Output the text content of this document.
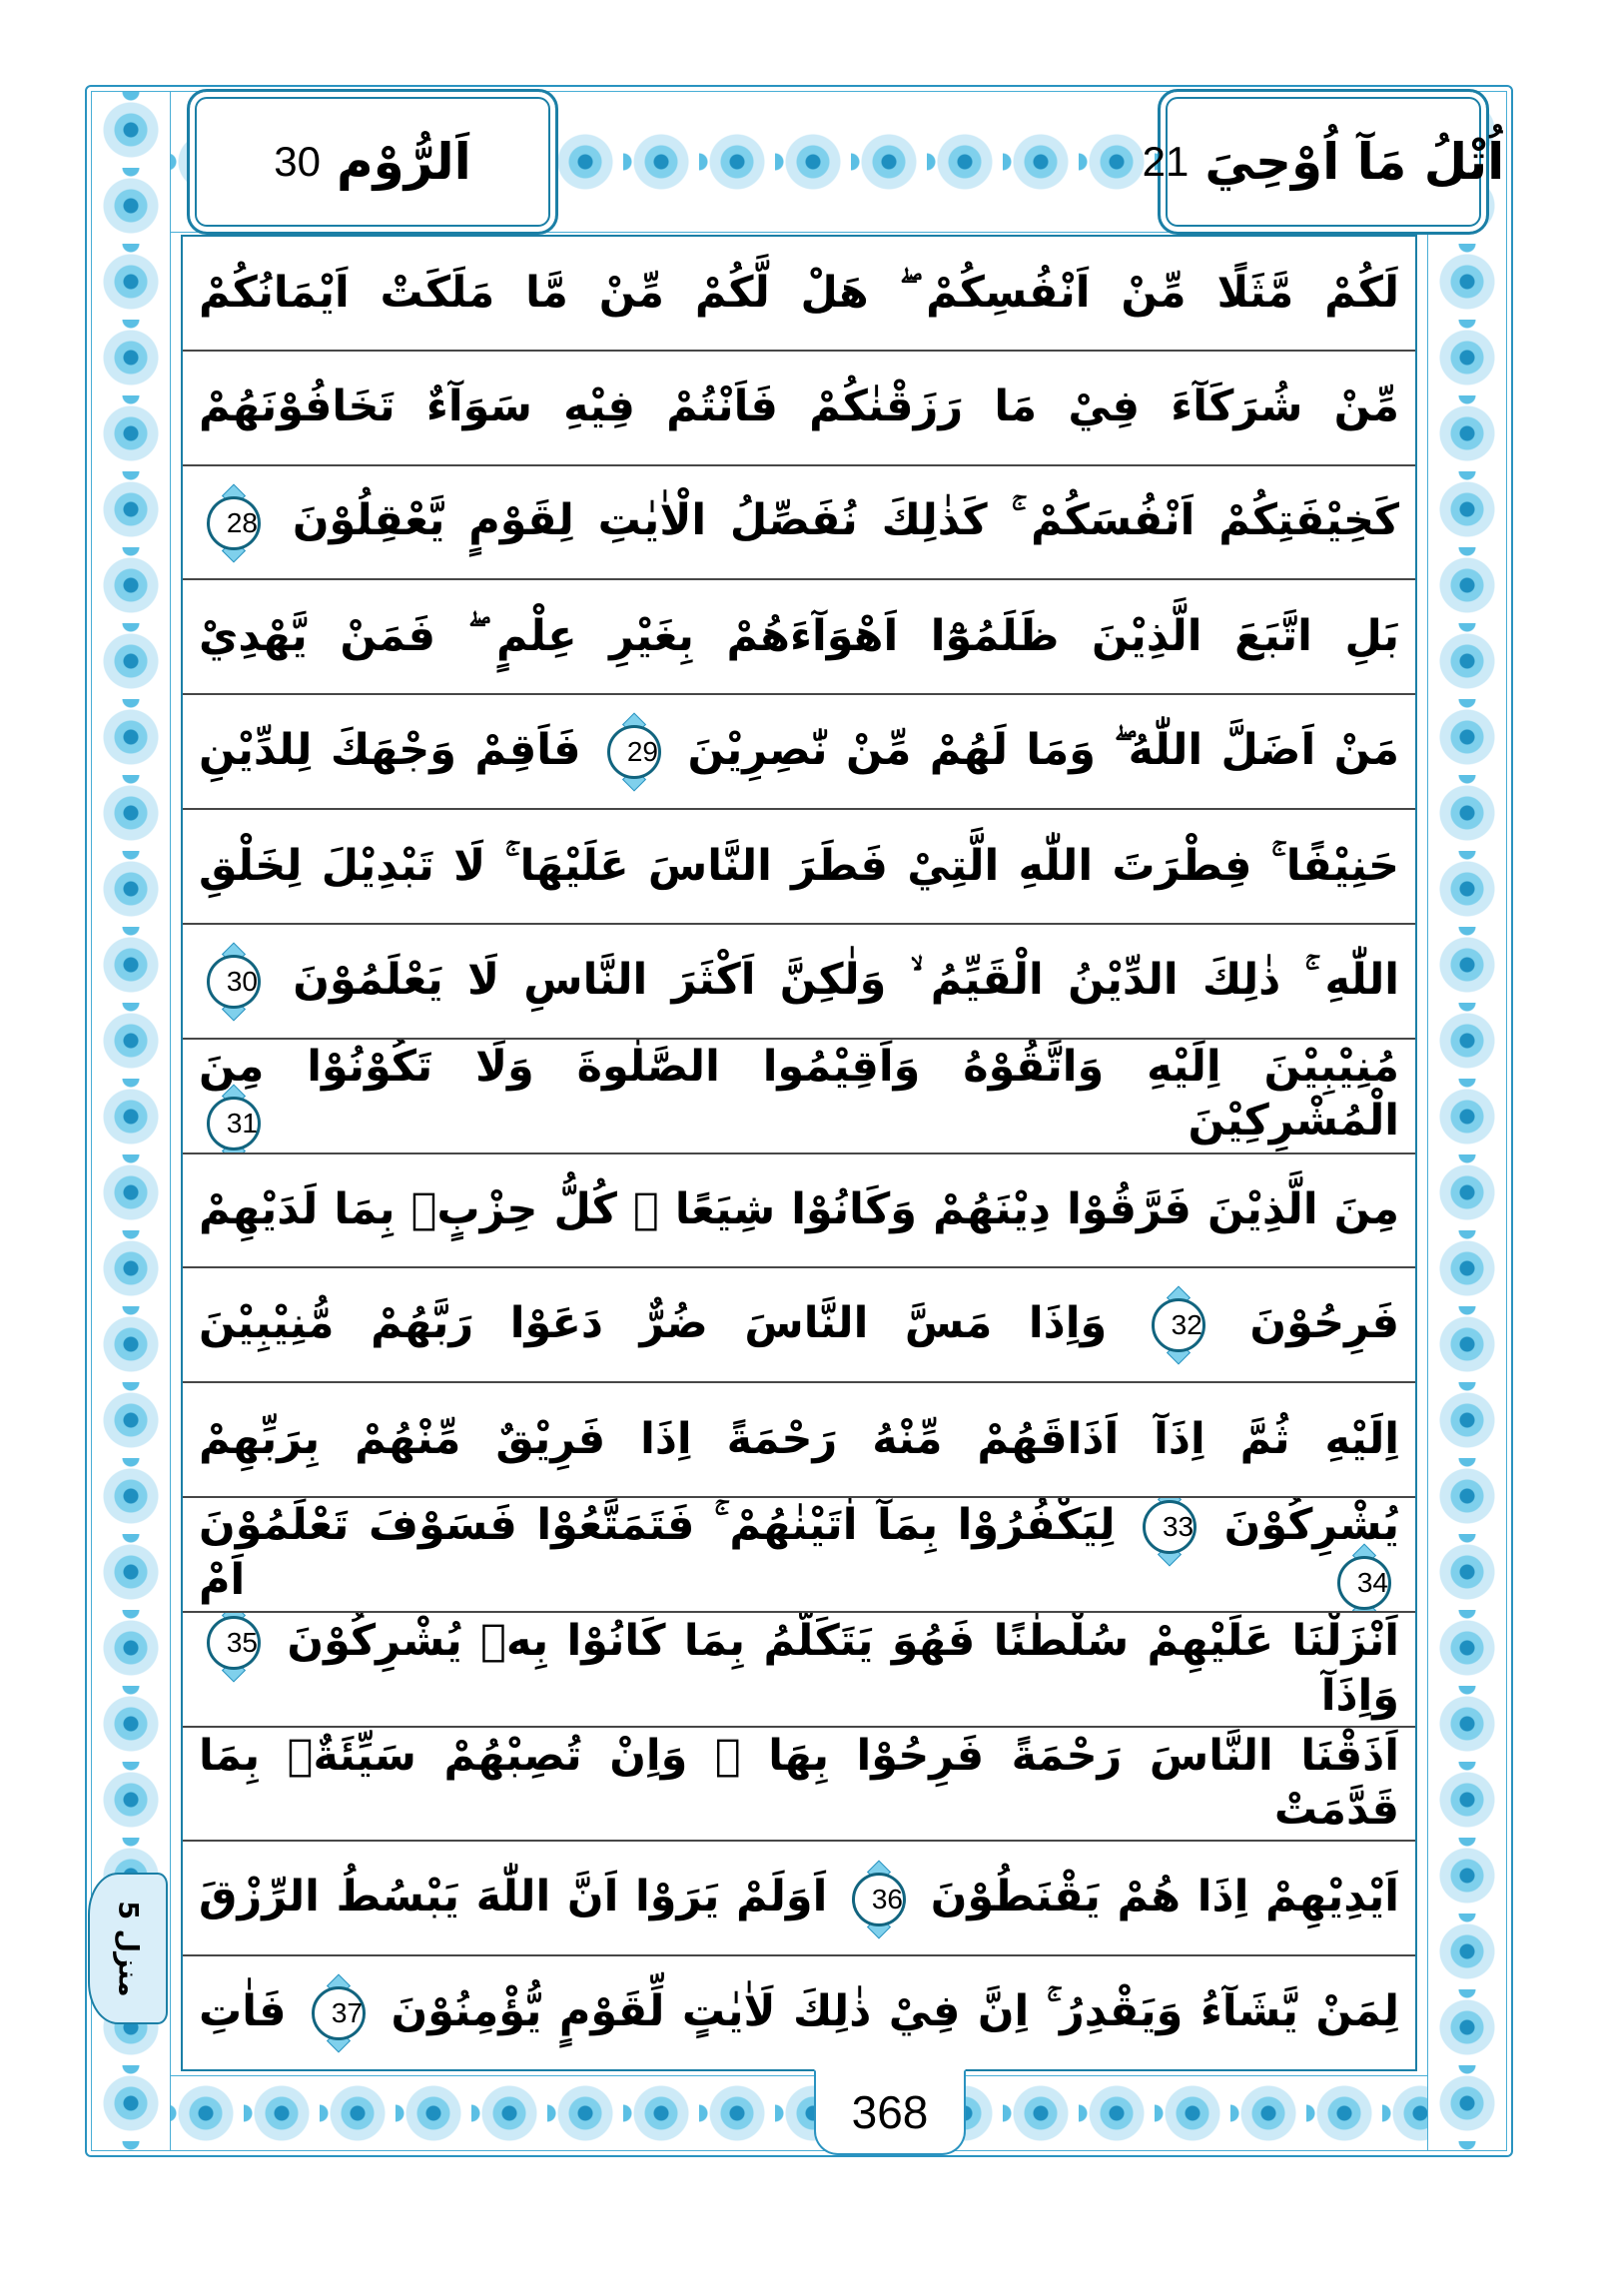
اَلرُّوْم
30	اُتْلُ مَآ اُوْحِيَ
21
لَكُمْ مَّثَلًا مِّنْ اَنْفُسِكُمْ ۖ هَلْ لَّكُمْ مِّنْ مَّا مَلَكَتْ اَيْمَانُكُمْ
مِّنْ شُرَكَآءَ فِيْ مَا رَزَقْنٰكُمْ فَاَنْتُمْ فِيْهِ سَوَآءٌ تَخَافُوْنَهُمْ
كَخِيْفَتِكُمْ اَنْفُسَكُمْ ۚ كَذٰلِكَ نُفَصِّلُ الْاٰيٰتِ لِقَوْمٍ يَّعْقِلُوْنَ 28
بَلِ اتَّبَعَ الَّذِيْنَ ظَلَمُوْٓا اَهْوَآءَهُمْ بِغَيْرِ عِلْمٍ ۖ فَمَنْ يَّهْدِيْ
مَنْ اَضَلَّ اللّٰهُ ۖ وَمَا لَهُمْ مِّنْ نّٰصِرِيْنَ 29 فَاَقِمْ وَجْهَكَ لِلدِّيْنِ
حَنِيْفًا ۚ فِطْرَتَ اللّٰهِ الَّتِيْ فَطَرَ النَّاسَ عَلَيْهَا ۚ لَا تَبْدِيْلَ لِخَلْقِ
اللّٰهِ ۚ ذٰلِكَ الدِّيْنُ الْقَيِّمُ ۙ وَلٰكِنَّ اَكْثَرَ النَّاسِ لَا يَعْلَمُوْنَ 30
مُنِيْبِيْنَ اِلَيْهِ وَاتَّقُوْهُ وَاَقِيْمُوا الصَّلٰوةَ وَلَا تَكُوْنُوْا مِنَ الْمُشْرِكِيْنَ 31
مِنَ الَّذِيْنَ فَرَّقُوْا دِيْنَهُمْ وَكَانُوْا شِيَعًا ۖ كُلُّ حِزْبٍۢ بِمَا لَدَيْهِمْ
فَرِحُوْنَ 32 وَاِذَا مَسَّ النَّاسَ ضُرٌّ دَعَوْا رَبَّهُمْ مُّنِيْبِيْنَ
اِلَيْهِ ثُمَّ اِذَآ اَذَاقَهُمْ مِّنْهُ رَحْمَةً اِذَا فَرِيْقٌ مِّنْهُمْ بِرَبِّهِمْ
يُشْرِكُوْنَ 33 لِيَكْفُرُوْا بِمَآ اٰتَيْنٰهُمْ ۚ فَتَمَتَّعُوْا فَسَوْفَ تَعْلَمُوْنَ 34 اَمْ
اَنْزَلْنَا عَلَيْهِمْ سُلْطٰنًا فَهُوَ يَتَكَلَّمُ بِمَا كَانُوْا بِهٖ يُشْرِكُوْنَ 35 وَاِذَآ
اَذَقْنَا النَّاسَ رَحْمَةً فَرِحُوْا بِهَا ۖ وَاِنْ تُصِبْهُمْ سَيِّئَةٌۢ بِمَا قَدَّمَتْ
اَيْدِيْهِمْ اِذَا هُمْ يَقْنَطُوْنَ 36 اَوَلَمْ يَرَوْا اَنَّ اللّٰهَ يَبْسُطُ الرِّزْقَ
لِمَنْ يَّشَآءُ وَيَقْدِرُ ۚ اِنَّ فِيْ ذٰلِكَ لَاٰيٰتٍ لِّقَوْمٍ يُّؤْمِنُوْنَ 37 فَاٰتِ
منزل 5
368
